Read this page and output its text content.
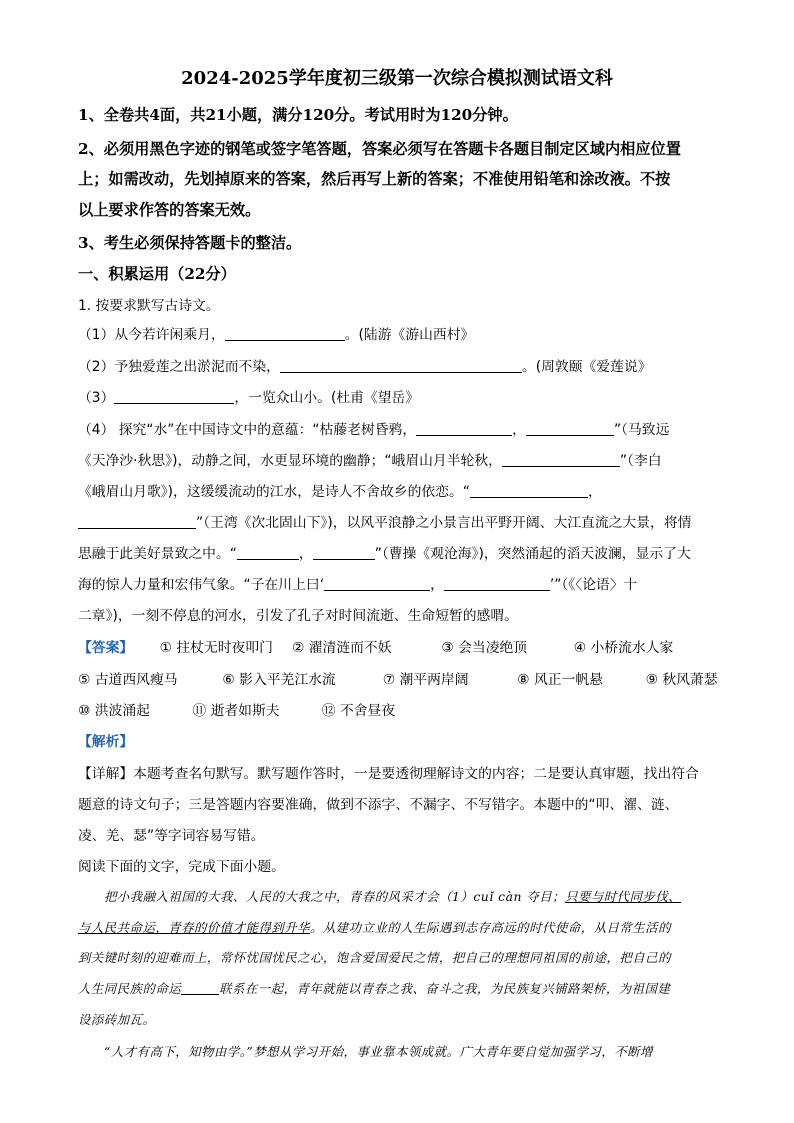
2024-2025学年度初三级第一次综合模拟测试语文科
1、全卷共4面，共21小题，满分120分。考试用时为120分钟。
2、必须用黑色字迹的钢笔或签字笔答题，答案必须写在答题卡各题目制定区域内相应位置
上；如需改动，先划掉原来的答案，然后再写上新的答案；不准使用铅笔和涂改液。不按
以上要求作答的答案无效。
3、考生必须保持答题卡的整洁。
一、积累运用（22分）
1. 按要求默写古诗文。
（1）从今若许闲乘月，	。(陆游《游山西村》
（2）予独爱莲之出淤泥而不染，	。(周敦颐《爱莲说》
（3）	，一览众山小。(杜甫《望岳》
（4） 探究“水”在中国诗文中的意蕴：“枯藤老树昏鸦，	，	”（马致远
《天净沙·秋思》)，动静之间，水更显环境的幽静；“峨眉山月半轮秋，	”（李白
《峨眉山月歌》)，这缓缓流动的江水，是诗人不舍故乡的依恋。“	，
”（王湾《次北固山下》)，以风平浪静之小景言出平野开阔、大江直流之大景，将情
思融于此美好景致之中。“	，	”（曹操《观沧海》)，突然涌起的滔天波澜，显示了大
海的惊人力量和宏伟气象。“子在川上曰‘	，	’”（《〈论语〉十
二章》)，一刻不停息的河水，引发了孔子对时间流逝、生命短暂的感喟。
【答案】 ① 拄杖无时夜叩门 ② 濯清涟而不妖	③ 会当凌绝顶	④ 小桥流水人家
⑤ 古道西风瘦马	⑥ 影入平羌江水流	⑦ 潮平两岸阔	⑧ 风正一帆悬	⑨ 秋风萧瑟
⑩ 洪波涌起	⑪ 逝者如斯夫	⑫ 不舍昼夜
【解析】
【详解】本题考查名句默写。默写题作答时，一是要透彻理解诗文的内容；二是要认真审题，找出符合
题意的诗文句子；三是答题内容要准确，做到不添字、不漏字、不写错字。本题中的“叩、濯、涟、
凌、羌、瑟”等字词容易写错。
阅读下面的文字，完成下面小题。
把小我融入祖国的大我、人民的大我之中，青春的风采才会（1）cuǐ càn 夺目；只要与时代同步伐、
与人民共命运，青春的价值才能得到升华。从建功立业的人生际遇到志存高远的时代使命，从日常生活的
到关键时刻的迎难而上，常怀忧国忧民之心，饱含爱国爱民之情，把自己的理想同祖国的前途，把自己的
人生同民族的命运	联系在一起，青年就能以青春之我、奋斗之我，为民族复兴铺路架桥，为祖国建
设添砖加瓦。
“人才有高下，知物由学。”梦想从学习开始，事业靠本领成就。广大青年要自觉加强学习，不断增
